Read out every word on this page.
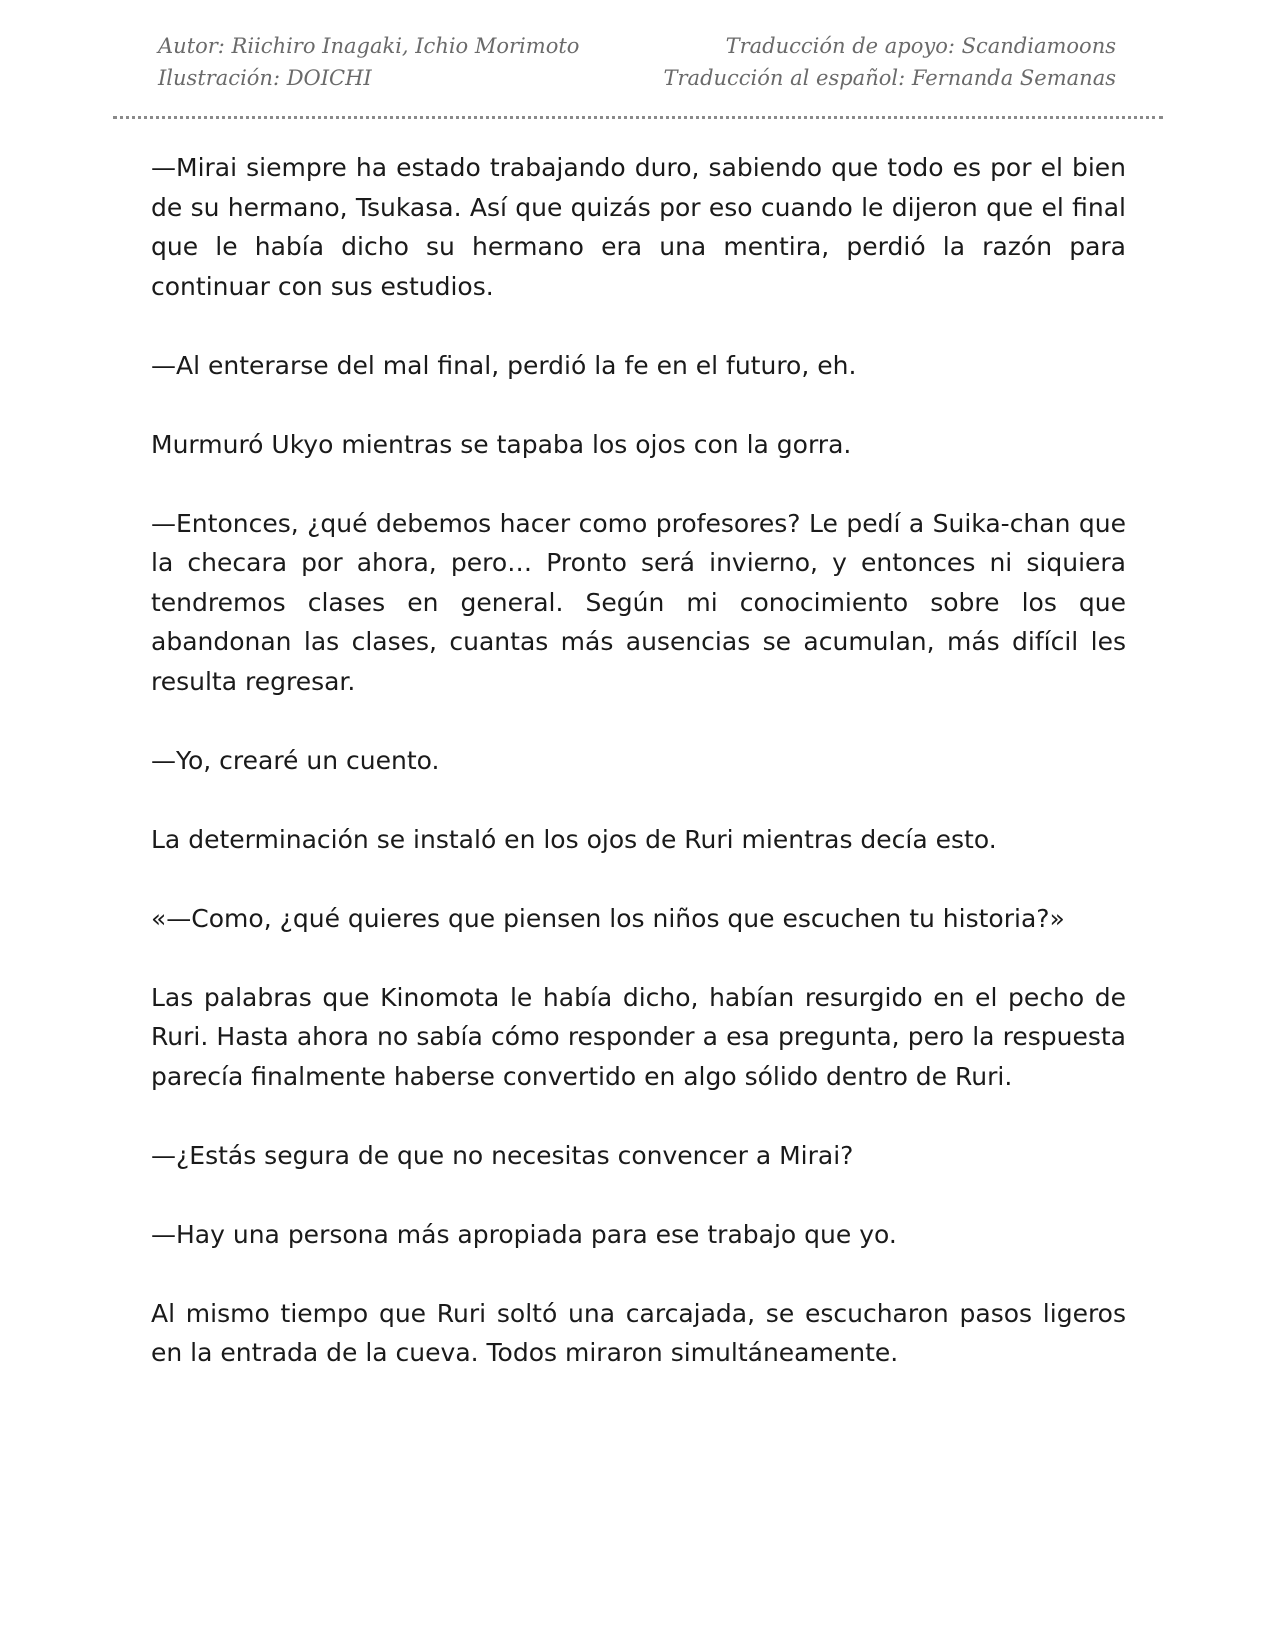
Autor: Riichiro Inagaki, Ichio Morimoto	Traducción de apoyo: Scandiamoons
Ilustración: DOICHI	Traducción al español: Fernanda Semanas

—Mirai siempre ha estado trabajando duro, sabiendo que todo es por el bien de su hermano, Tsukasa. Así que quizás por eso cuando le dijeron que el final que le había dicho su hermano era una mentira, perdió la razón para continuar con sus estudios.

—Al enterarse del mal final, perdió la fe en el futuro, eh.

Murmuró Ukyo mientras se tapaba los ojos con la gorra.

—Entonces, ¿qué debemos hacer como profesores? Le pedí a Suika-chan que la checara por ahora, pero… Pronto será invierno, y entonces ni siquiera tendremos clases en general. Según mi conocimiento sobre los que abandonan las clases, cuantas más ausencias se acumulan, más difícil les resulta regresar.

—Yo, crearé un cuento.

La determinación se instaló en los ojos de Ruri mientras decía esto.

«—Como, ¿qué quieres que piensen los niños que escuchen tu historia?»

Las palabras que Kinomota le había dicho, habían resurgido en el pecho de Ruri. Hasta ahora no sabía cómo responder a esa pregunta, pero la respuesta parecía finalmente haberse convertido en algo sólido dentro de Ruri.

—¿Estás segura de que no necesitas convencer a Mirai?

—Hay una persona más apropiada para ese trabajo que yo.

Al mismo tiempo que Ruri soltó una carcajada, se escucharon pasos ligeros en la entrada de la cueva. Todos miraron simultáneamente.
